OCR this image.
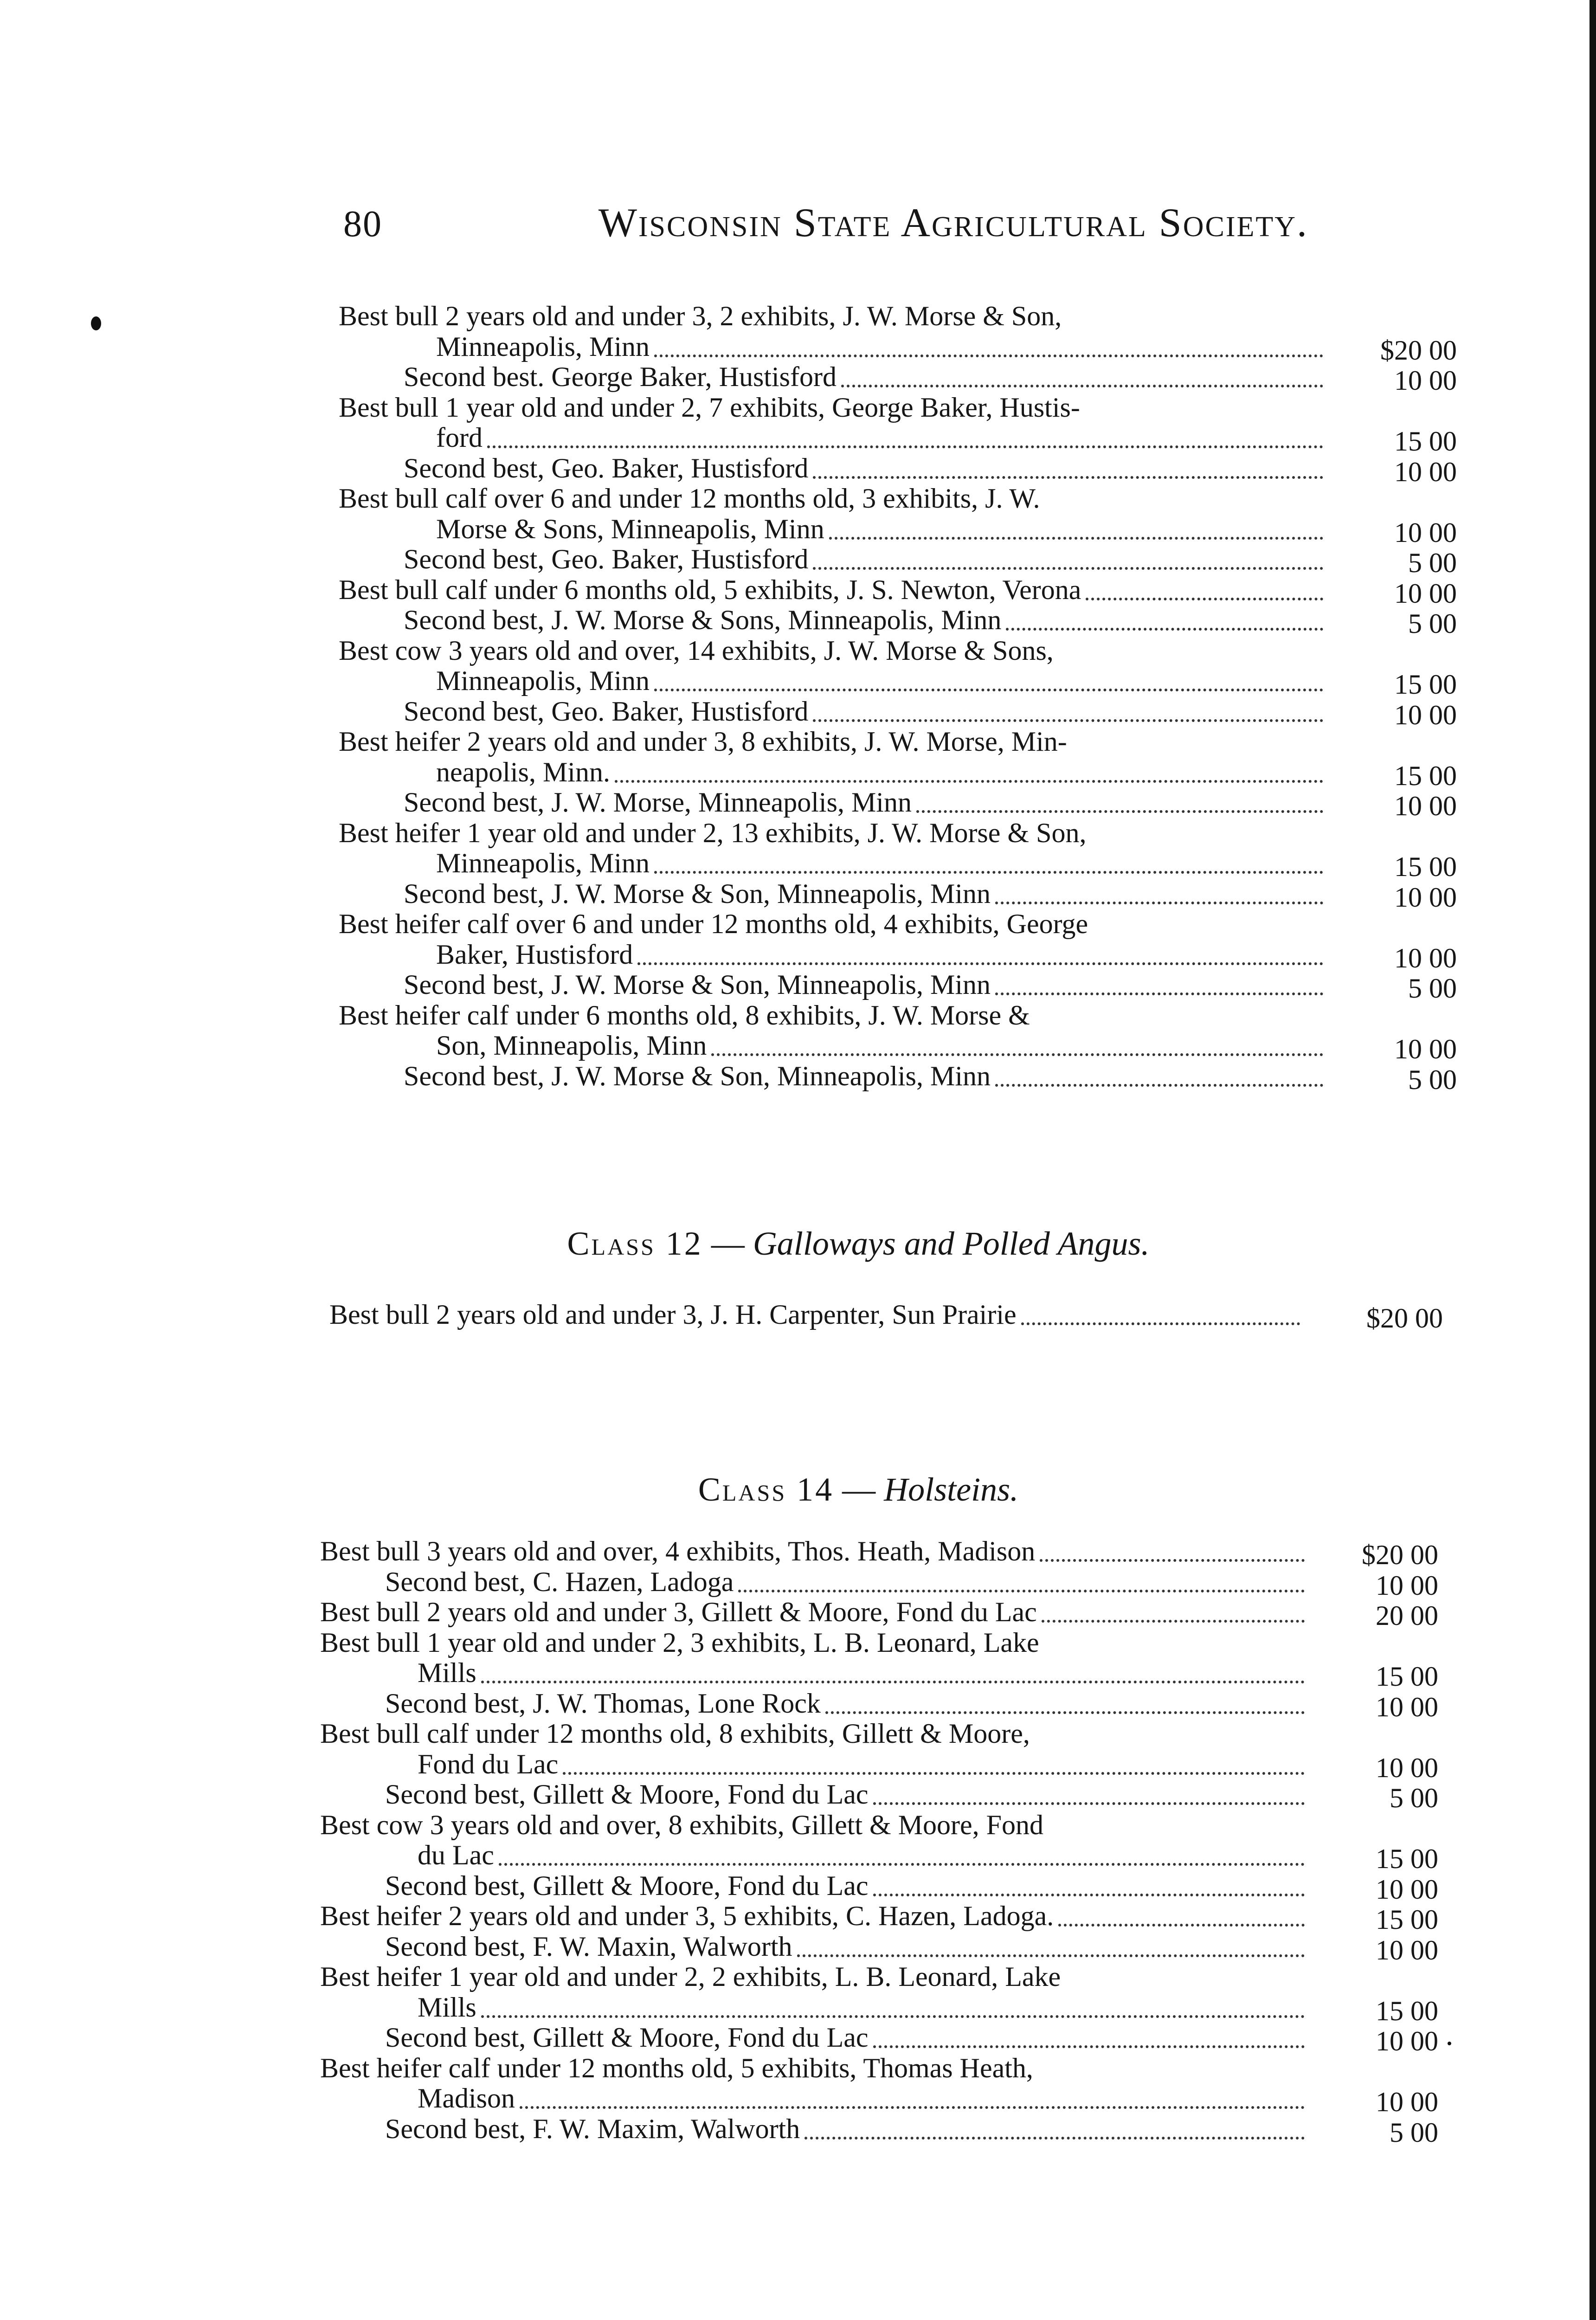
80	Wisconsin State Agricultural Society.
Best bull 2 years old and under 3, 2 exhibits, J. W. Morse & Son,
$20 00
Minneapolis, Minn
10 00
Second best. George Baker, Hustisford
Best bull 1 year old and under 2, 7 exhibits, George Baker, Hustis-
15 00
ford
10 00
Second best, Geo. Baker, Hustisford
Best bull calf over 6 and under 12 months old, 3 exhibits, J. W.
10 00
Morse & Sons, Minneapolis, Minn
5 00
Second best, Geo. Baker, Hustisford
10 00
Best bull calf under 6 months old, 5 exhibits, J. S. Newton, Verona
5 00
Second best, J. W. Morse & Sons, Minneapolis, Minn
Best cow 3 years old and over, 14 exhibits, J. W. Morse & Sons,
15 00
Minneapolis, Minn
10 00
Second best, Geo. Baker, Hustisford
Best heifer 2 years old and under 3, 8 exhibits, J. W. Morse, Min-
15 00
neapolis, Minn.
10 00
Second best, J. W. Morse, Minneapolis, Minn
Best heifer 1 year old and under 2, 13 exhibits, J. W. Morse & Son,
15 00
Minneapolis, Minn
10 00
Second best, J. W. Morse & Son, Minneapolis, Minn
Best heifer calf over 6 and under 12 months old, 4 exhibits, George
10 00
Baker, Hustisford
5 00
Second best, J. W. Morse & Son, Minneapolis, Minn
Best heifer calf under 6 months old, 8 exhibits, J. W. Morse &
10 00
Son, Minneapolis, Minn
5 00
Second best, J. W. Morse & Son, Minneapolis, Minn
Class 12 — Galloways and Polled Angus.
$20 00
Best bull 2 years old and under 3, J. H. Carpenter, Sun Prairie
Class 14 — Holsteins.
$20 00
Best bull 3 years old and over, 4 exhibits, Thos. Heath, Madison
10 00
Second best, C. Hazen, Ladoga
20 00
Best bull 2 years old and under 3, Gillett & Moore, Fond du Lac
Best bull 1 year old and under 2, 3 exhibits, L. B. Leonard, Lake
15 00
Mills
10 00
Second best, J. W. Thomas, Lone Rock
Best bull calf under 12 months old, 8 exhibits, Gillett & Moore,
10 00
Fond du Lac
5 00
Second best, Gillett & Moore, Fond du Lac
Best cow 3 years old and over, 8 exhibits, Gillett & Moore, Fond
15 00
du Lac
10 00
Second best, Gillett & Moore, Fond du Lac
15 00
Best heifer 2 years old and under 3, 5 exhibits, C. Hazen, Ladoga.
10 00
Second best, F. W. Maxin, Walworth
Best heifer 1 year old and under 2, 2 exhibits, L. B. Leonard, Lake
15 00
Mills
10 00
Second best, Gillett & Moore, Fond du Lac
Best heifer calf under 12 months old, 5 exhibits, Thomas Heath,
10 00
Madison
5 00
Second best, F. W. Maxim, Walworth
